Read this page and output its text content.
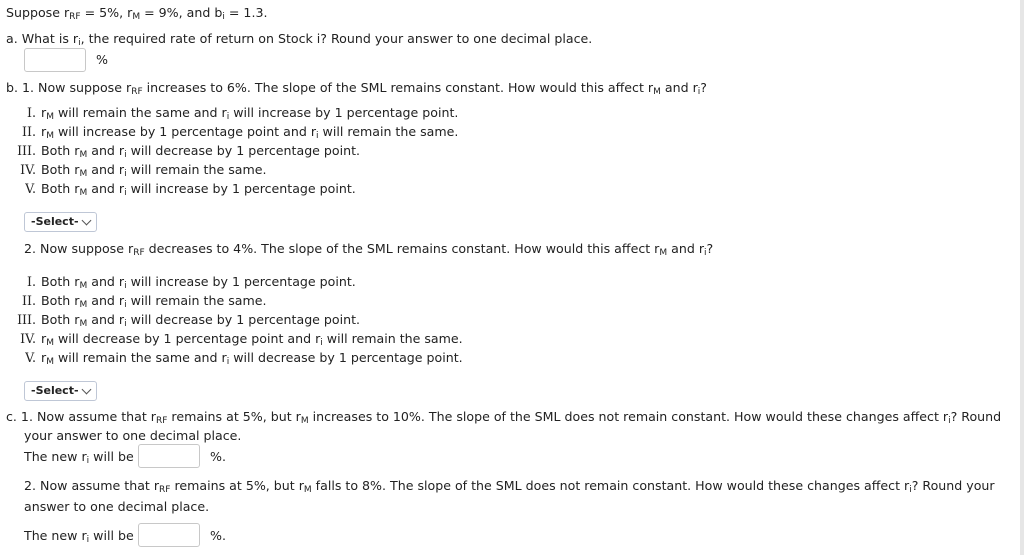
Suppose $r_{RF} = 5\%$, $r_M = 9\%$, and $b_i = 1.3$.
a. What is $r_i$, the required rate of return on Stock i? Round your answer to one decimal place.
%
b. 1. Now suppose $r_{RF}$ increases to 6%. The slope of the SML remains constant. How would this affect $r_M$ and $r_i$?
I. $r_M$ will remain the same and $r_i$ will increase by 1 percentage point.
II. $r_M$ will increase by 1 percentage point and $r_i$ will remain the same.
III. Both $r_M$ and $r_i$ will decrease by 1 percentage point.
IV. Both $r_M$ and $r_i$ will remain the same.
V. Both $r_M$ and $r_i$ will increase by 1 percentage point.
-Select-
2. Now suppose $r_{RF}$ decreases to 4%. The slope of the SML remains constant. How would this affect $r_M$ and $r_i$?
I. Both $r_M$ and $r_i$ will increase by 1 percentage point.
II. Both $r_M$ and $r_i$ will remain the same.
III. Both $r_M$ and $r_i$ will decrease by 1 percentage point.
IV. $r_M$ will decrease by 1 percentage point and $r_i$ will remain the same.
V. $r_M$ will remain the same and $r_i$ will decrease by 1 percentage point.
-Select-
c. 1. Now assume that $r_{RF}$ remains at 5%, but $r_M$ increases to 10%. The slope of the SML does not remain constant. How would these changes affect $r_i$? Round
your answer to one decimal place.
The new $r_i$ will be	%.
2. Now assume that $r_{RF}$ remains at 5%, but $r_M$ falls to 8%. The slope of the SML does not remain constant. How would these changes affect $r_i$? Round your
answer to one decimal place.
The new $r_i$ will be	%.
